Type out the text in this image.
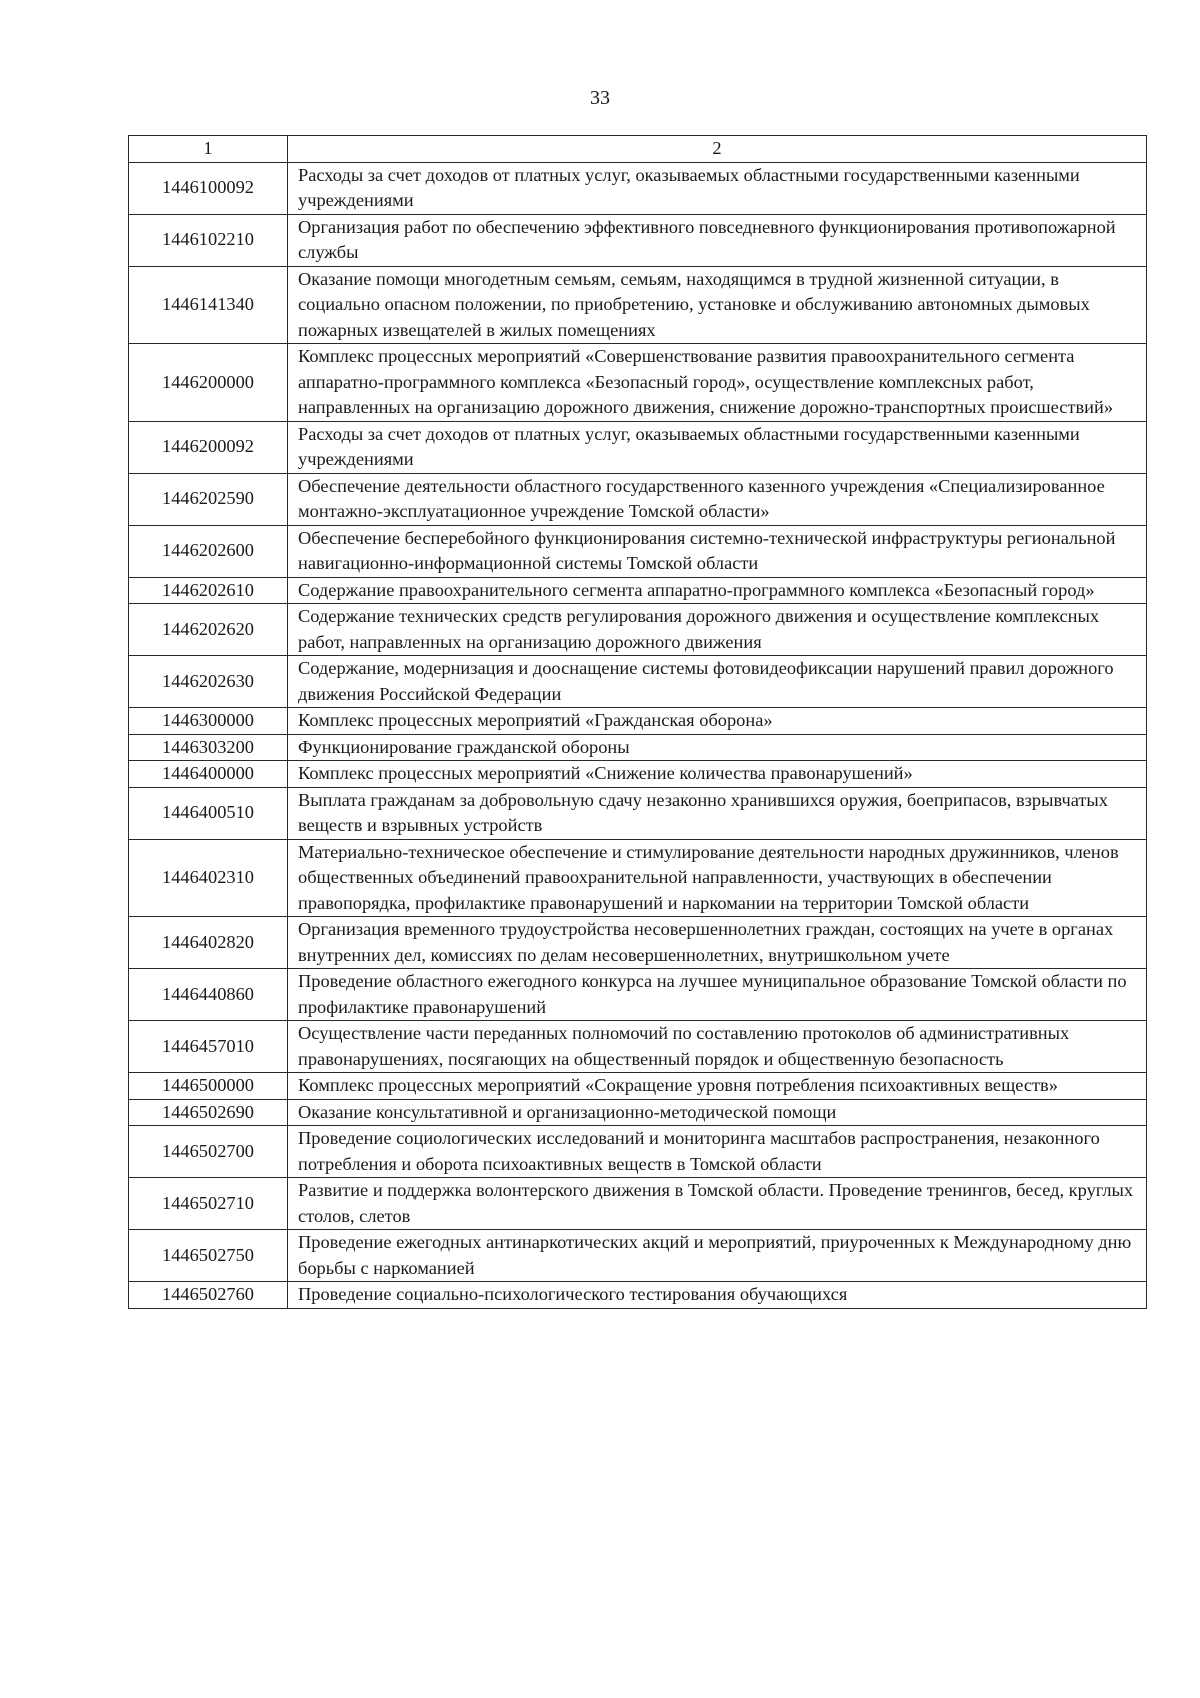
33
1	2
1446100092	Расходы за счет доходов от платных услуг, оказываемых областными государственными казенными учреждениями
1446102210	Организация работ по обеспечению эффективного повседневного функционирования противопожарной службы
1446141340	Оказание помощи многодетным семьям, семьям, находящимся в трудной жизненной ситуации, в социально опасном положении, по приобретению, установке и обслуживанию автономных дымовых пожарных извещателей в жилых помещениях
1446200000	Комплекс процессных мероприятий «Совершенствование развития правоохранительного сегмента аппаратно-программного комплекса «Безопасный город», осуществление комплексных работ, направленных на организацию дорожного движения, снижение дорожно-транспортных происшествий»
1446200092	Расходы за счет доходов от платных услуг, оказываемых областными государственными казенными учреждениями
1446202590	Обеспечение деятельности областного государственного казенного учреждения «Специализированное монтажно-эксплуатационное учреждение Томской области»
1446202600	Обеспечение бесперебойного функционирования системно-технической инфраструктуры региональной навигационно-информационной системы Томской области
1446202610	Содержание правоохранительного сегмента аппаратно-программного комплекса «Безопасный город»
1446202620	Содержание технических средств регулирования дорожного движения и осуществление комплексных работ, направленных на организацию дорожного движения
1446202630	Содержание, модернизация и дооснащение системы фотовидеофиксации нарушений правил дорожного движения Российской Федерации
1446300000	Комплекс процессных мероприятий «Гражданская оборона»
1446303200	Функционирование гражданской обороны
1446400000	Комплекс процессных мероприятий «Снижение количества правонарушений»
1446400510	Выплата гражданам за добровольную сдачу незаконно хранившихся оружия, боеприпасов, взрывчатых веществ и взрывных устройств
1446402310	Материально-техническое обеспечение и стимулирование деятельности народных дружинников, членов общественных объединений правоохранительной направленности, участвующих в обеспечении правопорядка, профилактике правонарушений и наркомании на территории Томской области
1446402820	Организация временного трудоустройства несовершеннолетних граждан, состоящих на учете в органах внутренних дел, комиссиях по делам несовершеннолетних, внутришкольном учете
1446440860	Проведение областного ежегодного конкурса на лучшее муниципальное образование Томской области по профилактике правонарушений
1446457010	Осуществление части переданных полномочий по составлению протоколов об административных правонарушениях, посягающих на общественный порядок и общественную безопасность
1446500000	Комплекс процессных мероприятий «Сокращение уровня потребления психоактивных веществ»
1446502690	Оказание консультативной и организационно-методической помощи
1446502700	Проведение социологических исследований и мониторинга масштабов распространения, незаконного потребления и оборота психоактивных веществ в Томской области
1446502710	Развитие и поддержка волонтерского движения в Томской области. Проведение тренингов, бесед, круглых столов, слетов
1446502750	Проведение ежегодных антинаркотических акций и мероприятий, приуроченных к Международному дню борьбы с наркоманией
1446502760	Проведение социально-психологического тестирования обучающихся
